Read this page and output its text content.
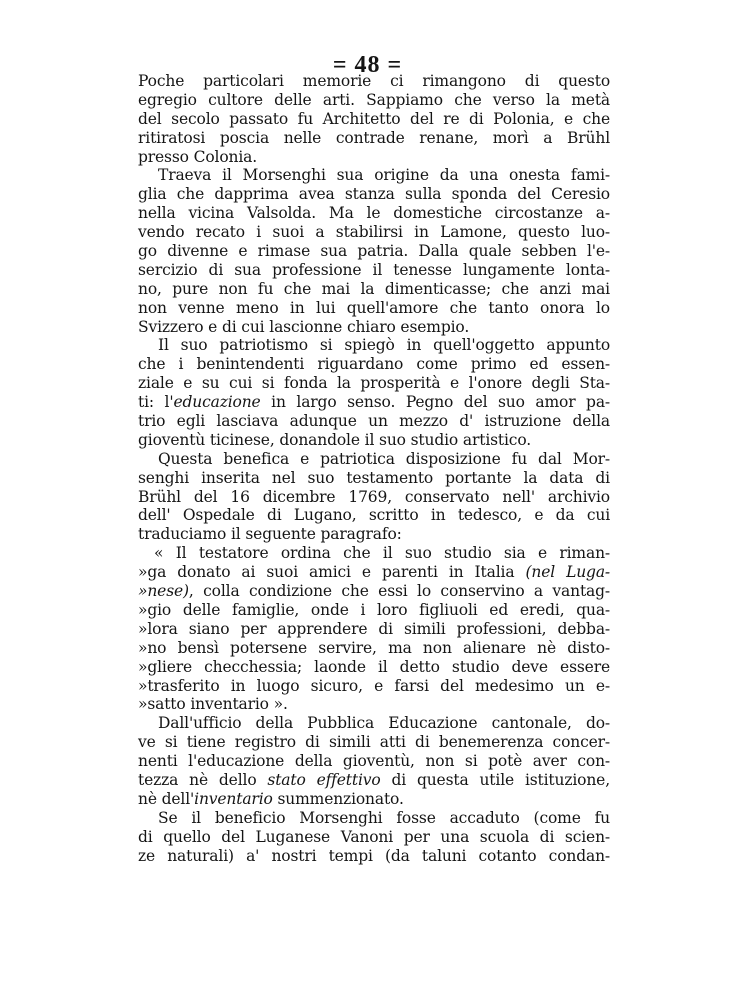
= 48 =
Poche particolari memorie ci rimangono di questo
egregio cultore delle arti. Sappiamo che verso la metà
del secolo passato fu Architetto del re di Polonia, e che
ritiratosi poscia nelle contrade renane, morì a Brühl
presso Colonia.
Traeva il Morsenghi sua origine da una onesta fami-
glia che dapprima avea stanza sulla sponda del Ceresio
nella vicina Valsolda. Ma le domestiche circostanze a-
vendo recato i suoi a stabilirsi in Lamone, questo luo-
go divenne e rimase sua patria. Dalla quale sebben l'e-
sercizio di sua professione il tenesse lungamente lonta-
no, pure non fu che mai la dimenticasse; che anzi mai
non venne meno in lui quell'amore che tanto onora lo
Svizzero e di cui lascionne chiaro esempio.
Il suo patriotismo si spiegò in quell'oggetto appunto
che i benintendenti riguardano come primo ed essen-
ziale e su cui si fonda la prosperità e l'onore degli Sta-
ti: l'educazione in largo senso. Pegno del suo amor pa-
trio egli lasciava adunque un mezzo d' istruzione della
gioventù ticinese, donandole il suo studio artistico.
Questa benefica e patriotica disposizione fu dal Mor-
senghi inserita nel suo testamento portante la data di
Brühl del 16 dicembre 1769, conservato nell' archivio
dell' Ospedale di Lugano, scritto in tedesco, e da cui
traduciamo il seguente paragrafo:
« Il testatore ordina che il suo studio sia e riman-
»ga donato ai suoi amici e parenti in Italia (nel Luga-
»nese), colla condizione che essi lo conservino a vantag-
»gio delle famiglie, onde i loro figliuoli ed eredi, qua-
»lora siano per apprendere di simili professioni, debba-
»no bensì potersene servire, ma non alienare nè disto-
»gliere checchessia; laonde il detto studio deve essere
»trasferito in luogo sicuro, e farsi del medesimo un e-
»satto inventario ».
Dall'ufficio della Pubblica Educazione cantonale, do-
ve si tiene registro di simili atti di benemerenza concer-
nenti l'educazione della gioventù, non si potè aver con-
tezza nè dello stato effettivo di questa utile istituzione,
nè dell'inventario summenzionato.
Se il beneficio Morsenghi fosse accaduto (come fu
di quello del Luganese Vanoni per una scuola di scien-
ze naturali) a' nostri tempi (da taluni cotanto condan-
